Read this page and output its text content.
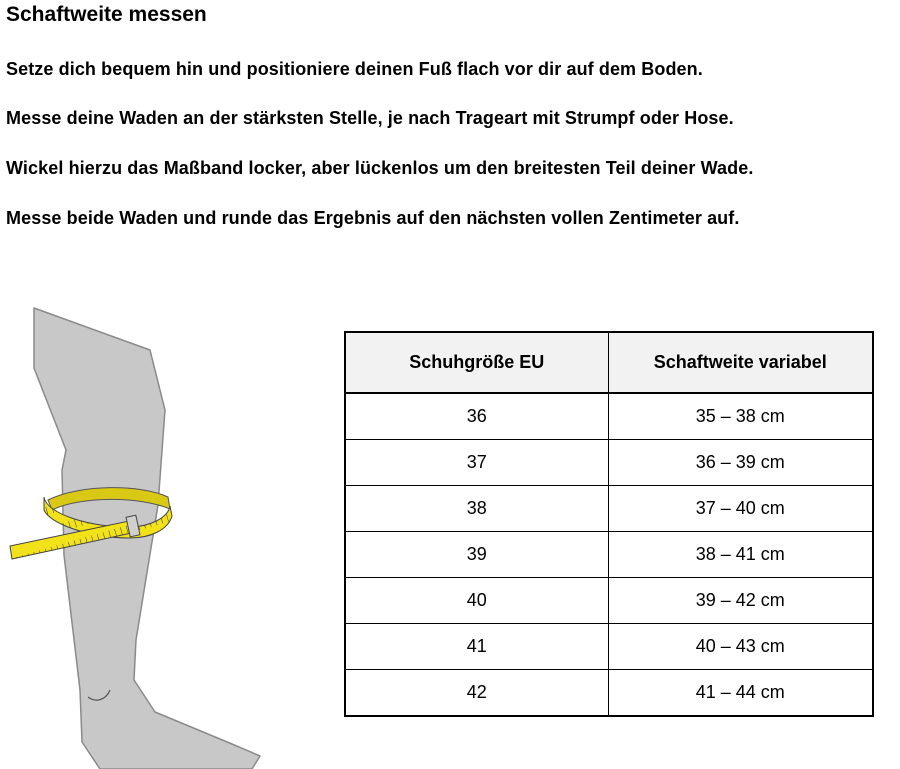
Schaftweite messen

Setze dich bequem hin und positioniere deinen Fuß flach vor dir auf dem Boden.

Messe deine Waden an der stärksten Stelle, je nach Trageart mit Strumpf oder Hose.

Wickel hierzu das Maßband locker, aber lückenlos um den breitesten Teil deiner Wade.

Messe beide Waden und runde das Ergebnis auf den nächsten vollen Zentimeter auf.

Schuhgröße EU	Schaftweite variabel
36	35 – 38 cm
37	36 – 39 cm
38	37 – 40 cm
39	38 – 41 cm
40	39 – 42 cm
41	40 – 43 cm
42	41 – 44 cm
